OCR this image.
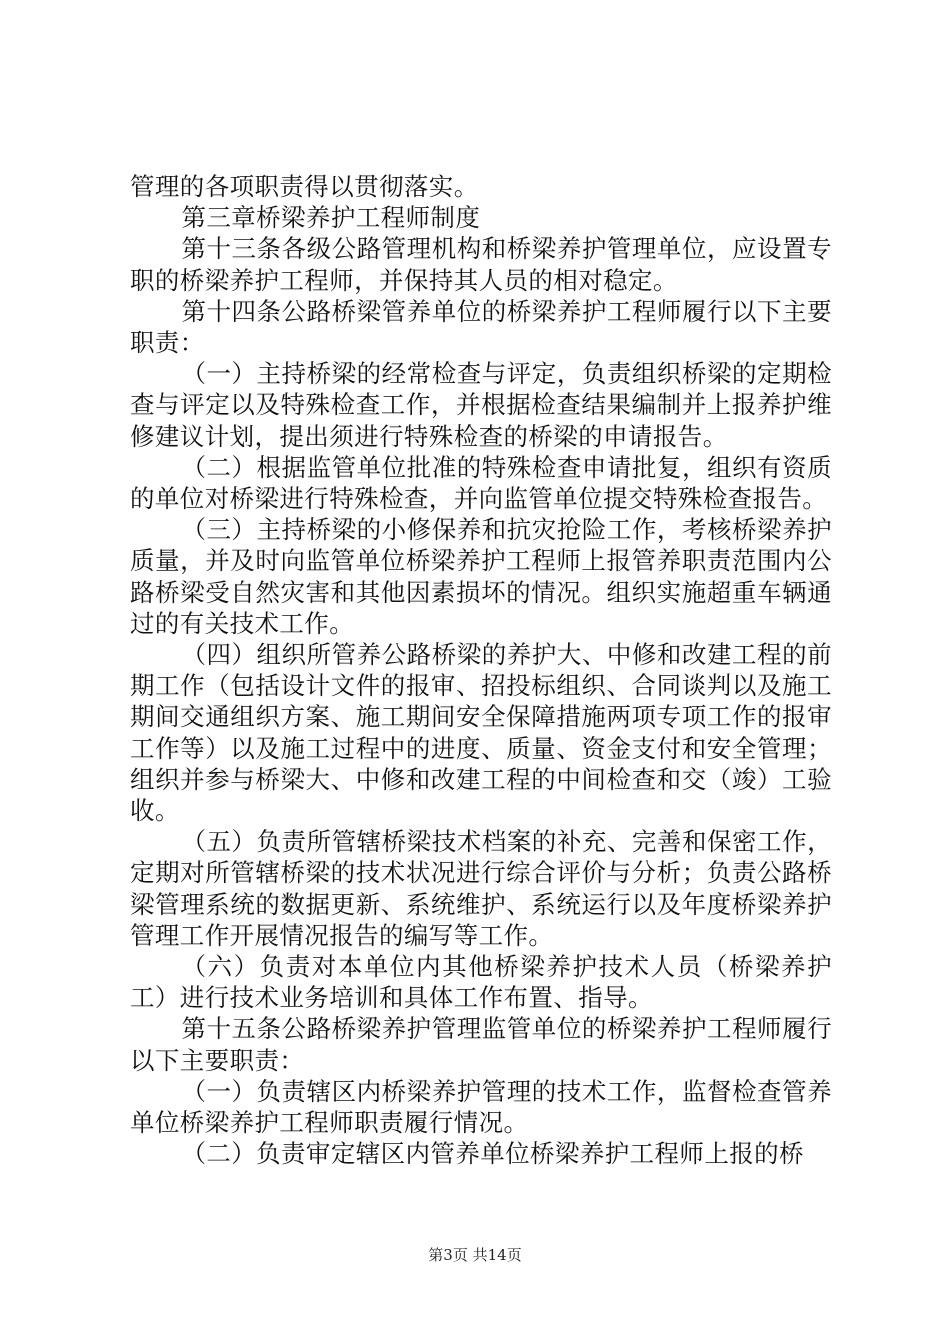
管理的各项职责得以贯彻落实。

第三章桥梁养护工程师制度

第十三条各级公路管理机构和桥梁养护管理单位，应设置专职的桥梁养护工程师，并保持其人员的相对稳定。

第十四条公路桥梁管养单位的桥梁养护工程师履行以下主要职责：

（一）主持桥梁的经常检查与评定，负责组织桥梁的定期检查与评定以及特殊检查工作，并根据检查结果编制并上报养护维修建议计划，提出须进行特殊检查的桥梁的申请报告。

（二）根据监管单位批准的特殊检查申请批复，组织有资质的单位对桥梁进行特殊检查，并向监管单位提交特殊检查报告。

（三）主持桥梁的小修保养和抗灾抢险工作，考核桥梁养护质量，并及时向监管单位桥梁养护工程师上报管养职责范围内公路桥梁受自然灾害和其他因素损坏的情况。组织实施超重车辆通过的有关技术工作。

（四）组织所管养公路桥梁的养护大、中修和改建工程的前期工作（包括设计文件的报审、招投标组织、合同谈判以及施工期间交通组织方案、施工期间安全保障措施两项专项工作的报审工作等）以及施工过程中的进度、质量、资金支付和安全管理；组织并参与桥梁大、中修和改建工程的中间检查和交（竣）工验收。

（五）负责所管辖桥梁技术档案的补充、完善和保密工作，定期对所管辖桥梁的技术状况进行综合评价与分析；负责公路桥梁管理系统的数据更新、系统维护、系统运行以及年度桥梁养护管理工作开展情况报告的编写等工作。

（六）负责对本单位内其他桥梁养护技术人员（桥梁养护工）进行技术业务培训和具体工作布置、指导。

第十五条公路桥梁养护管理监管单位的桥梁养护工程师履行以下主要职责：

（一）负责辖区内桥梁养护管理的技术工作，监督检查管养单位桥梁养护工程师职责履行情况。

（二）负责审定辖区内管养单位桥梁养护工程师上报的桥

第3页 共14页
